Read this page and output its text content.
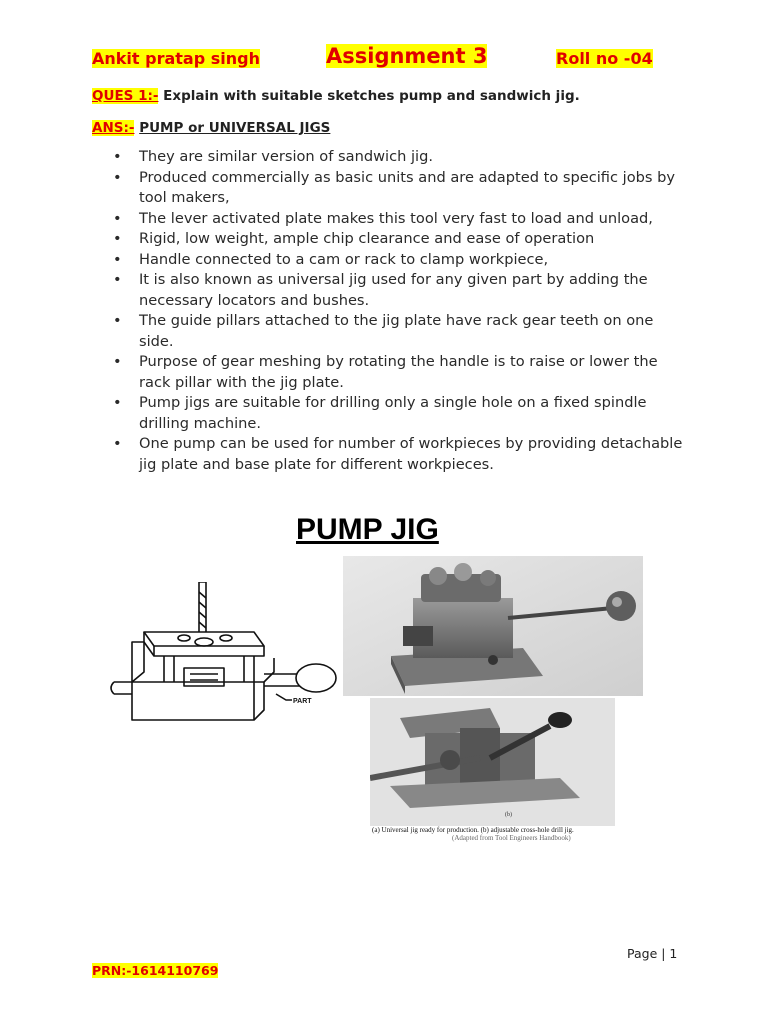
Ankit pratap singh	Assignment 3	Roll no -04
QUES 1:- Explain with suitable sketches pump and sandwich jig.
ANS:- PUMP or UNIVERSAL JIGS
• They are similar version of sandwich jig.
• Produced commercially as basic units and are adapted to specific jobs by tool makers,
• The lever activated plate makes this tool very fast to load and unload,
• Rigid, low weight, ample chip clearance and ease of operation
• Handle connected to a cam or rack to clamp workpiece,
• It is also known as universal jig used for any given part by adding the necessary locators and bushes.
• The guide pillars attached to the jig plate have rack gear teeth on one side.
• Purpose of gear meshing by rotating the handle is to raise or lower the rack pillar with the jig plate.
• Pump jigs are suitable for drilling only a single hole on a fixed spindle drilling machine.
• One pump can be used for number of workpieces by providing detachable jig plate and base plate for different workpieces.
PUMP JIG
PART
(b)
(a) Universal jig ready for production. (b) adjustable cross-hole drill jig.
(Adapted from Tool Engineers Handbook)
Page | 1
PRN:-1614110769
